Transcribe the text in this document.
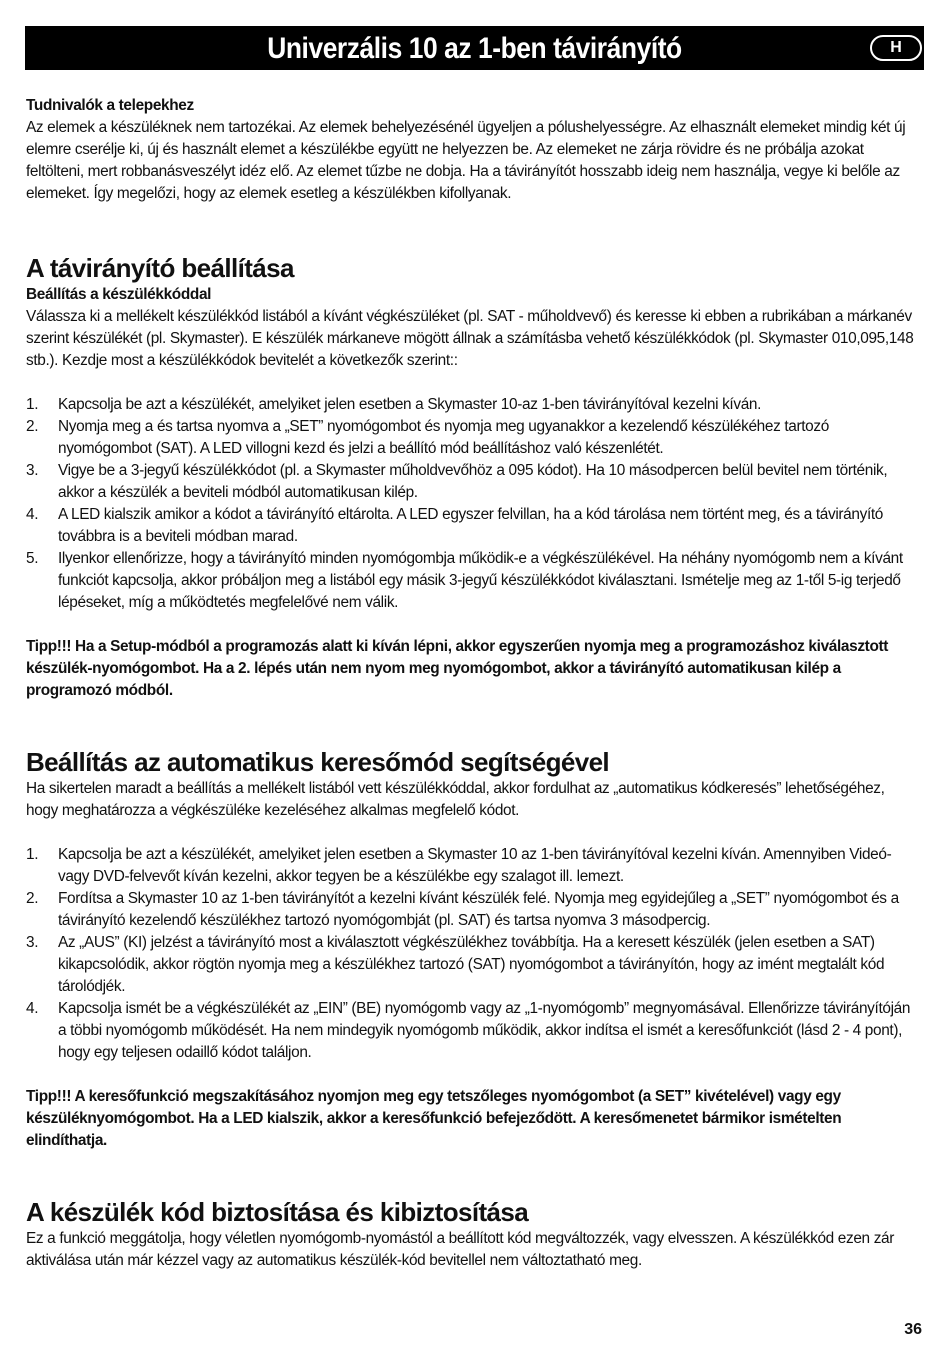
Univerzális 10 az 1-ben távirányító	H

Tudnivalók a telepekhez

Az elemek a készüléknek nem tartozékai. Az elemek behelyezésénél ügyeljen a pólushelyességre. Az elhasznált elemeket mindig két új elemre cserélje ki, új és használt elemet a készülékbe együtt ne helyezzen be. Az elemeket ne zárja rövidre és ne próbálja azokat feltölteni, mert robbanásveszélyt idéz elő. Az elemet tűzbe ne dobja. Ha a távirányítót hosszabb ideig nem használja, vegye ki belőle az elemeket. Így megelőzi, hogy az elemek esetleg a készülékben kifollyanak.

A távirányító beállítása

Beállítás a készülékkóddal

Válassza ki a mellékelt készülékkód listából a kívánt végkészüléket (pl. SAT - műholdvevő) és keresse ki ebben a rubrikában a márkanév szerint készülékét (pl. Skymaster). E készülék márkaneve mögött állnak a számításba vehető készülékkódok (pl. Skymaster 010,095,148 stb.). Kezdje most a készülékkódok bevitelét a következők szerint::

1. Kapcsolja be azt a készülékét, amelyiket jelen esetben a Skymaster 10-az 1-ben távirányítóval kezelni kíván.
2. Nyomja meg a és tartsa nyomva a „SET” nyomógombot és nyomja meg ugyanakkor a kezelendő készülékéhez tartozó nyomógombot (SAT). A LED villogni kezd és jelzi a beállító mód beállításhoz való készenlétét.
3. Vigye be a 3-jegyű készülékkódot (pl. a Skymaster műholdvevőhöz a 095 kódot). Ha 10 másodpercen belül bevitel nem történik, akkor a készülék a beviteli módból automatikusan kilép.
4. A LED kialszik amikor a kódot a távirányító eltárolta. A LED egyszer felvillan, ha a kód tárolása nem történt meg, és a távirányító továbbra is a beviteli módban marad.
5. Ilyenkor ellenőrizze, hogy a távirányító minden nyomógombja működik-e a végkészülékével. Ha néhány nyomógomb nem a kívánt funkciót kapcsolja, akkor próbáljon meg a listából egy másik 3-jegyű készülékkódot kiválasztani. Ismételje meg az 1-től 5-ig terjedő lépéseket, míg a működtetés megfelelővé nem válik.

Tipp!!! Ha a Setup-módból a programozás alatt ki kíván lépni, akkor egyszerűen nyomja meg a programozáshoz kiválasztott készülék-nyomógombot. Ha a 2. lépés után nem nyom meg nyomógombot, akkor a távirányító automatikusan kilép a programozó módból.

Beállítás az automatikus keresőmód segítségével

Ha sikertelen maradt a beállítás a mellékelt listából vett készülékkóddal, akkor fordulhat az „automatikus kódkeresés” lehetőségéhez, hogy meghatározza a végkészüléke kezeléséhez alkalmas megfelelő kódot.

1. Kapcsolja be azt a készülékét, amelyiket jelen esetben a Skymaster 10 az 1-ben távirányítóval kezelni kíván. Amennyiben Videó- vagy DVD-felvevőt kíván kezelni, akkor tegyen be a készülékbe egy szalagot ill. lemezt.
2. Fordítsa a Skymaster 10 az 1-ben távirányítót a kezelni kívánt készülék felé. Nyomja meg egyidejűleg a „SET” nyomógombot és a távirányító kezelendő készülékhez tartozó nyomógombját (pl. SAT) és tartsa nyomva 3 másodpercig.
3. Az „AUS” (KI) jelzést a távirányító most a kiválasztott végkészülékhez továbbítja. Ha a keresett készülék (jelen esetben a SAT) kikapcsolódik, akkor rögtön nyomja meg a készülékhez tartozó (SAT) nyomógombot a távirányítón, hogy az imént megtalált kód tárolódjék.
4. Kapcsolja ismét be a végkészülékét az „EIN” (BE) nyomógomb vagy az „1-nyomógomb” megnyomásával. Ellenőrizze távirányítóján a többi nyomógomb működését. Ha nem mindegyik nyomógomb működik, akkor indítsa el ismét a keresőfunkciót (lásd 2 - 4 pont), hogy egy teljesen odaillő kódot találjon.

Tipp!!! A keresőfunkció megszakításához nyomjon meg egy tetszőleges nyomógombot (a SET” kivételével) vagy egy készüléknyomógombot. Ha a LED kialszik, akkor a keresőfunkció befejeződött. A keresőmenetet bármikor ismételten elindíthatja.

A készülék kód biztosítása és kibiztosítása

Ez a funkció meggátolja, hogy véletlen nyomógomb-nyomástól a beállított kód megváltozzék, vagy elvesszen. A készülékkód ezen zár aktiválása után már kézzel vagy az automatikus készülék-kód bevitellel nem változtatható meg.

36
